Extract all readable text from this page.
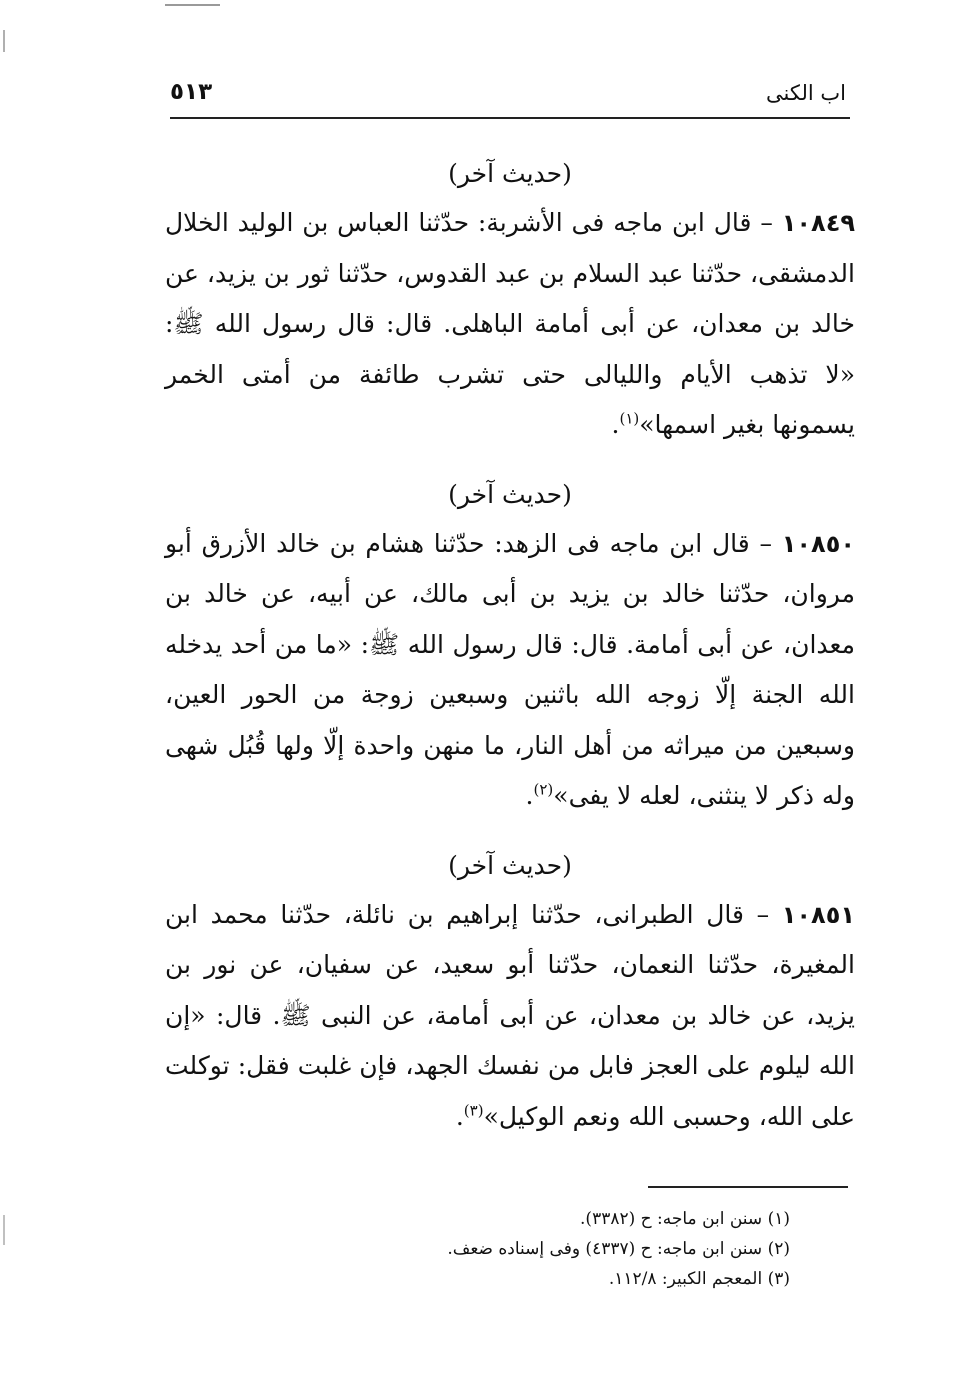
٥١٣	اب الكنى

(حديث آخر)

١٠٨٤٩ – قال ابن ماجه فى الأشربة: حدّثنا العباس بن الوليد الخلال الدمشقى، حدّثنا عبد السلام بن عبد القدوس، حدّثنا ثور بن يزيد، عن خالد بن معدان، عن أبى أمامة الباهلى. قال: قال رسول الله ﷺ: «لا تذهب الأيام والليالى حتى تشرب طائفة من أمتى الخمر يسمونها بغير اسمها»$^{(١)}$.

(حديث آخر)

١٠٨٥٠ – قال ابن ماجه فى الزهد: حدّثنا هشام بن خالد الأزرق أبو مروان، حدّثنا خالد بن يزيد بن أبى مالك، عن أبيه، عن خالد بن معدان، عن أبى أمامة. قال: قال رسول الله ﷺ: «ما من أحد يدخله الله الجنة إلّا زوجه الله باثنين وسبعين زوجة من الحور العين، وسبعين من ميراثه من أهل النار، ما منهن واحدة إلّا ولها قُبُل شهى وله ذكر لا ينثنى، لعله لا يفى»$^{(٢)}$.

(حديث آخر)

١٠٨٥١ – قال الطبرانى، حدّثنا إبراهيم بن نائلة، حدّثنا محمد ابن المغيرة، حدّثنا النعمان، حدّثنا أبو سعيد، عن سفيان، عن نور بن يزيد، عن خالد بن معدان، عن أبى أمامة، عن النبى ﷺ. قال: «إن الله ليلوم على العجز فابل من نفسك الجهد، فإن غلبت فقل: توكلت على الله، وحسبى الله ونعم الوكيل»$^{(٣)}$.

(١) سنن ابن ماجه: ح (٣٣٨٢).

(٢) سنن ابن ماجه: ح (٤٣٣٧) وفى إسناده ضعف.

(٣) المعجم الكبير: ١١٢/٨.
